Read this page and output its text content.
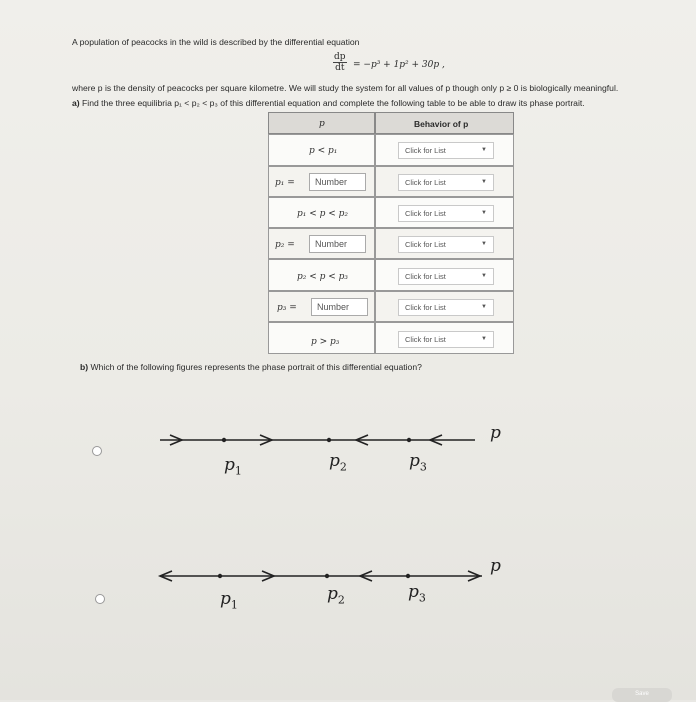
A population of peacocks in the wild is described by the differential equation
$\frac{dp}{dt} = -p^3 + 1p^2 + 30p$ ,
where p is the density of peacocks per square kilometre. We will study the system for all values of p though only p ≥ 0 is biologically meaningful.
a) Find the three equilibria p₁ < p₂ < p₃ of this differential equation and complete the following table to be able to draw its phase portrait.
p	Behavior of p
p < p₁	Click for List	▼
p₁ =	Number	Click for List	▼
p₁ < p < p₂	Click for List	▼
p₂ =	Number	Click for List	▼
p₂ < p < p₃	Click for List	▼
p₃ =	Number	Click for List	▼
p > p₃	Click for List	▼
b) Which of the following figures represents the phase portrait of this differential equation?
p
$p_1$	$p_2$	$p_3$
p
$p_1$
$p_2$	$p_3$
Save
